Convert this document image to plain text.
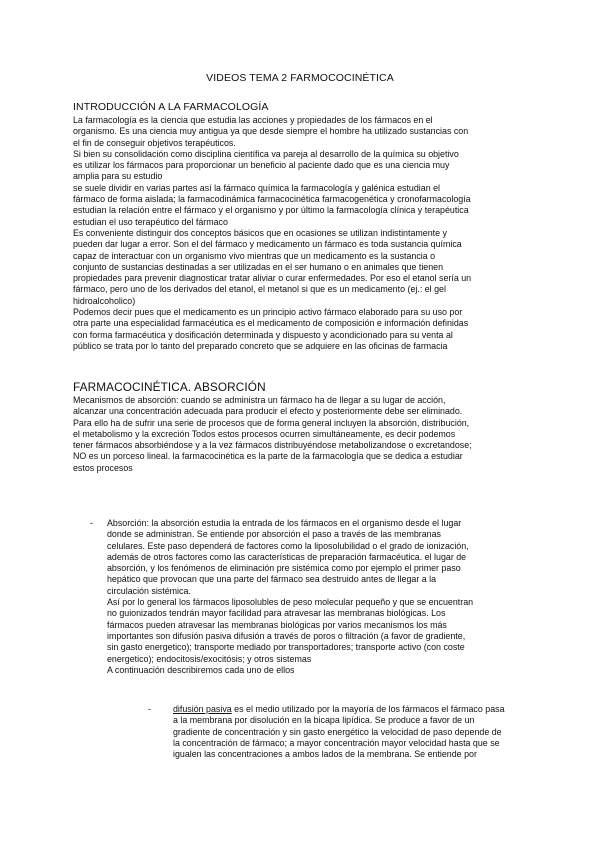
VIDEOS TEMA 2 FARMOCOCINÉTICA
INTRODUCCIÓN A LA FARMACOLOGÍA
La farmacología es la ciencia que estudia las acciones y propiedades de los fármacos en el
organismo. Es una ciencia muy antigua ya que desde siempre el hombre ha utilizado sustancias con
el fin de conseguir objetivos terapéuticos.
Si bien su consolidación como disciplina científica va pareja al desarrollo de la química su objetivo
es utilizar los fármacos para proporcionar un beneficio al paciente dado que es una ciencia muy
amplia para su estudio
se suele dividir en varias partes así la fármaco química la farmacología y galénica estudian el
fármaco de forma aislada; la farmacodinámica farmacocinética farmacogenética y cronofarmacología
estudian la relación entre el fármaco y el organismo y por último la farmacología clínica y terapéutica
estudian el uso terapéutico del fármaco
Es conveniente distinguir dos conceptos básicos que en ocasiones se utilizan indistintamente y
pueden dar lugar a error. Son el del fármaco y medicamento un fármaco es toda sustancia química
capaz de interactuar con un organismo vivo mientras que un medicamento es la sustancia o
conjunto de sustancias destinadas a ser utilizadas en el ser humano o en animales que tienen
propiedades para prevenir diagnosticar tratar aliviar o curar enfermedades. Por eso el etanol sería un
fármaco, pero uno de los derivados del etanol, el metanol si que es un medicamento (ej.: el gel
hidroalcoholico)
Podemos decir pues que el medicamento es un principio activo fármaco elaborado para su uso por
otra parte una especialidad farmacéutica es el medicamento de composición e información definidas
con forma farmacéutica y dosificación determinada y dispuesto y acondicionado para su venta al
público se trata por lo tanto del preparado concreto que se adquiere en las oficinas de farmacia
FARMACOCINÉTICA. ABSORCIÓN
Mecanismos de absorción: cuando se administra un fármaco ha de llegar a su lugar de acción,
alcanzar una concentración adecuada para producir el efecto y posteriormente debe ser eliminado.
Para ello ha de sufrir una serie de procesos que de forma general incluyen la absorción, distribución,
el metabolismo y la excreción Todos estos procesos ocurren simultáneamente, es decir podemos
tener fármacos absorbiéndose y a la vez fármacos distribuyéndose metabolizandose o excretandose;
NO es un porceso lineal. la farmacocinética es la parte de la farmacología que se dedica a estudiar
estos procesos
- Absorción: la absorción estudia la entrada de los fármacos en el organismo desde el lugar
donde se administran. Se entiende por absorción el paso a través de las membranas
celulares. Este paso dependerá de factores como la liposolubilidad o el grado de ionización,
además de otros factores como las características de preparación farmacéutica. el lugar de
absorción, y los fenómenos de eliminación pre sistémica como por ejemplo el primer paso
hepático que provocan que una parte del fármaco sea destruido antes de llegar a la
circulación sistémica.
Así por lo general los fármacos liposolubles de peso molecular pequeño y que se encuentran
no guionizados tendrán mayor facilidad para atravesar las membranas biológicas. Los
fármacos pueden atravesar las membranas biológicas por varios mecanismos los más
importantes son difusión pasiva difusión a través de poros o filtración (a favor de gradiente,
sin gasto energetico); transporte mediado por transportadores; transporte activo (con coste
energetico); endocitosis/exocitósis; y otros sistemas
A continuación describiremos cada uno de ellos
- difusión pasiva es el medio utilizado por la mayoría de los fármacos el fármaco pasa
a la membrana por disolución en la bicapa lipídica. Se produce a favor de un
gradiente de concentración y sin gasto energético la velocidad de paso depende de
la concentración de fármaco; a mayor concentración mayor velocidad hasta que se
igualen las concentraciones a ambos lados de la membrana. Se entiende por
